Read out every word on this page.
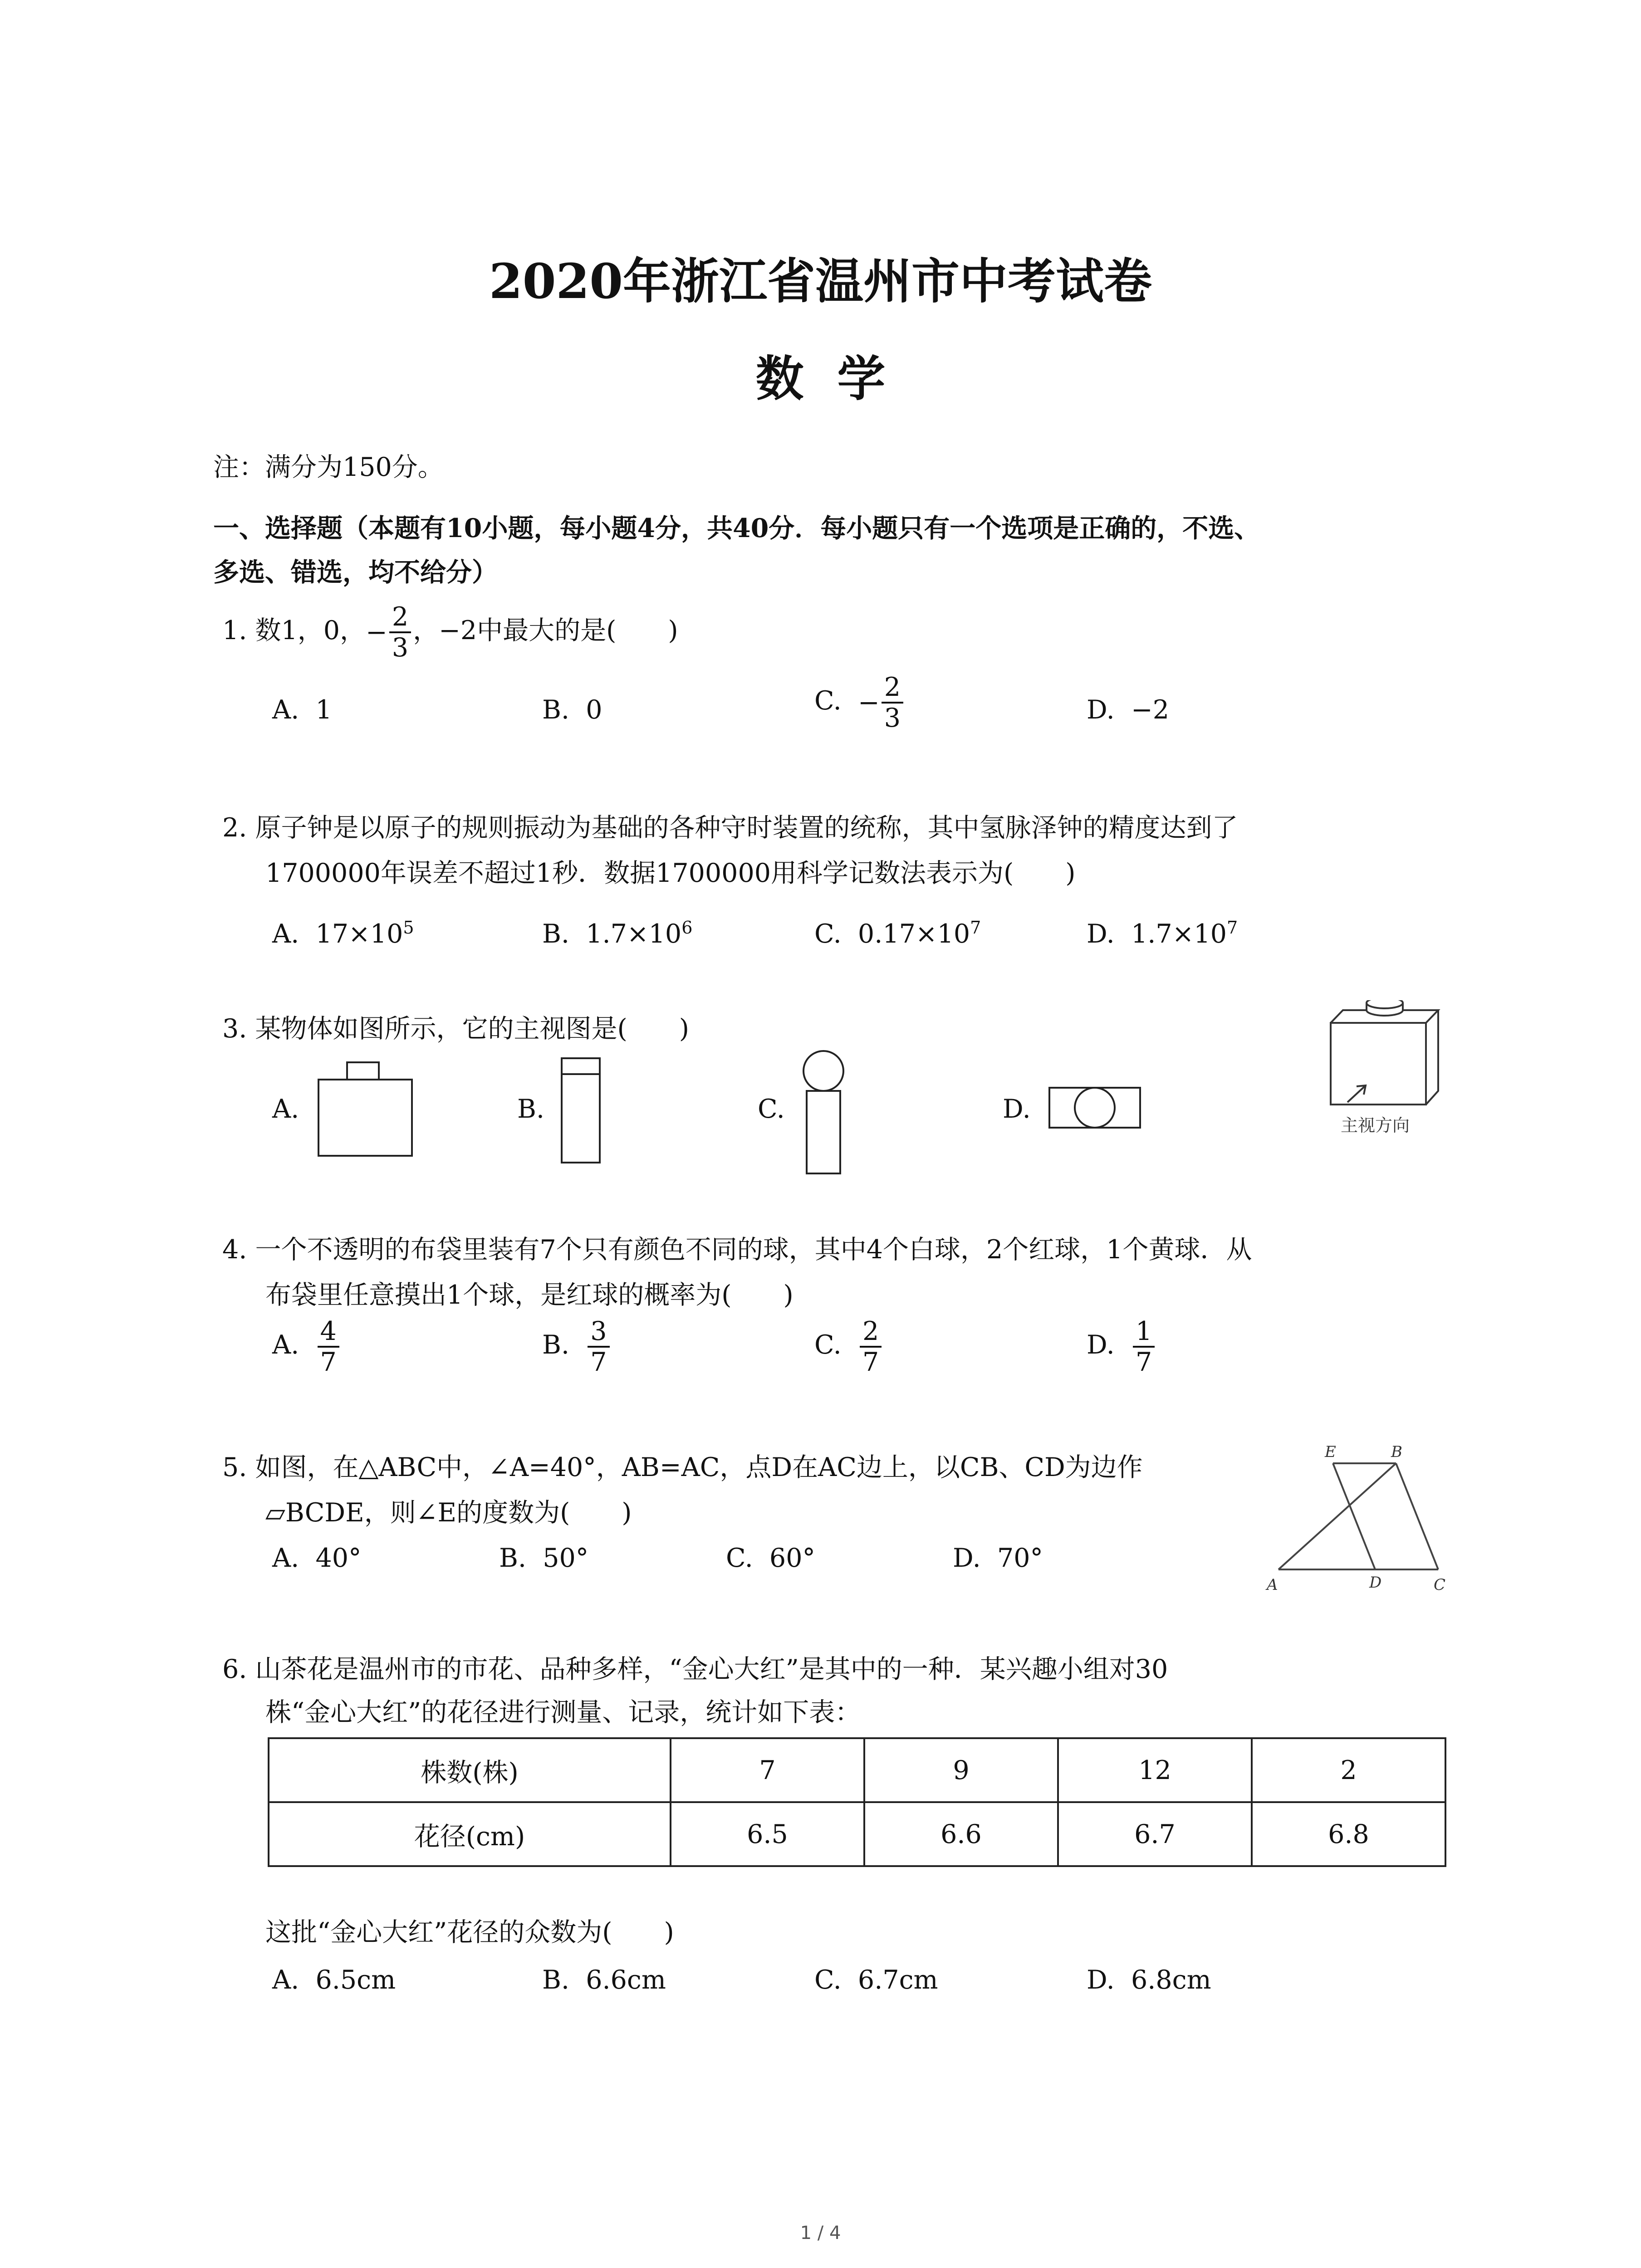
2020年浙江省温州市中考试卷
数  学
注：满分为150分。
一、选择题（本题有10小题，每小题4分，共40分．每小题只有一个选项是正确的，不选、
多选、错选，均不给分）
1. 数1，0，− $\frac{2}{3}$ ，−2中最大的是(　　)
A.  1	B.  0	C. − $\frac{2}{3}$	D.  −2
2. 原子钟是以原子的规则振动为基础的各种守时装置的统称，其中氢脉泽钟的精度达到了
1700000年误差不超过1秒．数据1700000用科学记数法表示为(　　)
A.  $17\times 10^5$	B.  $1.7\times 10^6$	C.  $0.17\times 10^7$	D.  $1.7\times 10^7$
3. 某物体如图所示，它的主视图是(　　)
A.	B.	C.	D.
主视方向
4. 一个不透明的布袋里装有7个只有颜色不同的球，其中4个白球，2个红球，1个黄球．从
布袋里任意摸出1个球，是红球的概率为(　　)
A. $\frac{4}{7}$	B. $\frac{3}{7}$	C. $\frac{2}{7}$	D. $\frac{1}{7}$
5. 如图，在△ABC中，∠A=40°，AB=AC，点D在AC边上，以CB、CD为边作
▱BCDE，则∠E的度数为(　　)
A.  40°	B.  50°	C.  60°	D.  70°
E	B
A	D	C
6. 山茶花是温州市的市花、品种多样，“金心大红”是其中的一种．某兴趣小组对30
株“金心大红”的花径进行测量、记录，统计如下表：
株数(株)	7	9	12	2
花径(cm)	6.5	6.6	6.7	6.8
这批“金心大红”花径的众数为(　　)
A.  6.5cm	B.  6.6cm	C.  6.7cm	D.  6.8cm
1 / 4
